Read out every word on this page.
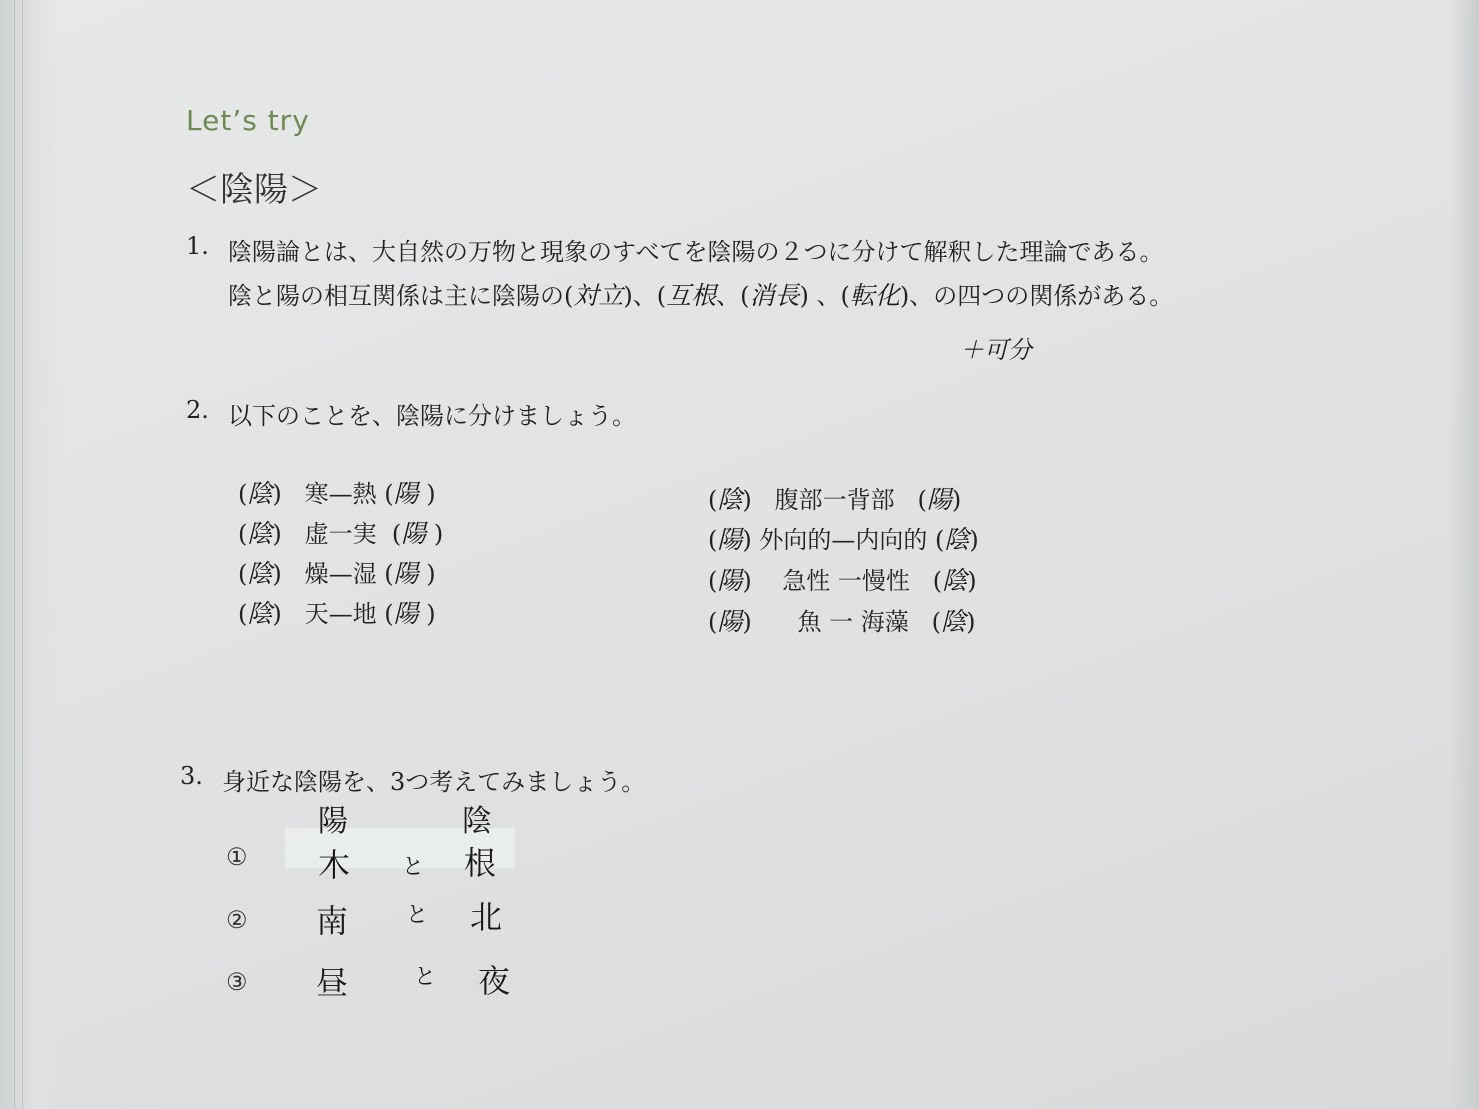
Let’s try
＜陰陽＞
1. 陰陽論とは、大自然の万物と現象のすべてを陰陽の２つに分けて解釈した理論である。
陰と陽の相互関係は主に陰陽の(対立)、(互根、(消長) 、(転化)、の四つの関係がある。
＋可分
2. 以下のことを、陰陽に分けましょう。
(陰)   寒—熱 (陽 )
(陰)   虚一実  (陽 )
(陰)   燥—湿 (陽 )
(陰)   天—地 (陽 )
(陰)   腹部一背部   (陽)
(陽) 外向的—内向的 (陰)
(陽)    急性 一慢性   (陰)
(陽)      魚 一 海藻   (陰)
3. 身近な陰陽を、3つ考えてみましょう。
陽	陰
① 木 と 根
② 南	と 北
③ 昼	と 夜
